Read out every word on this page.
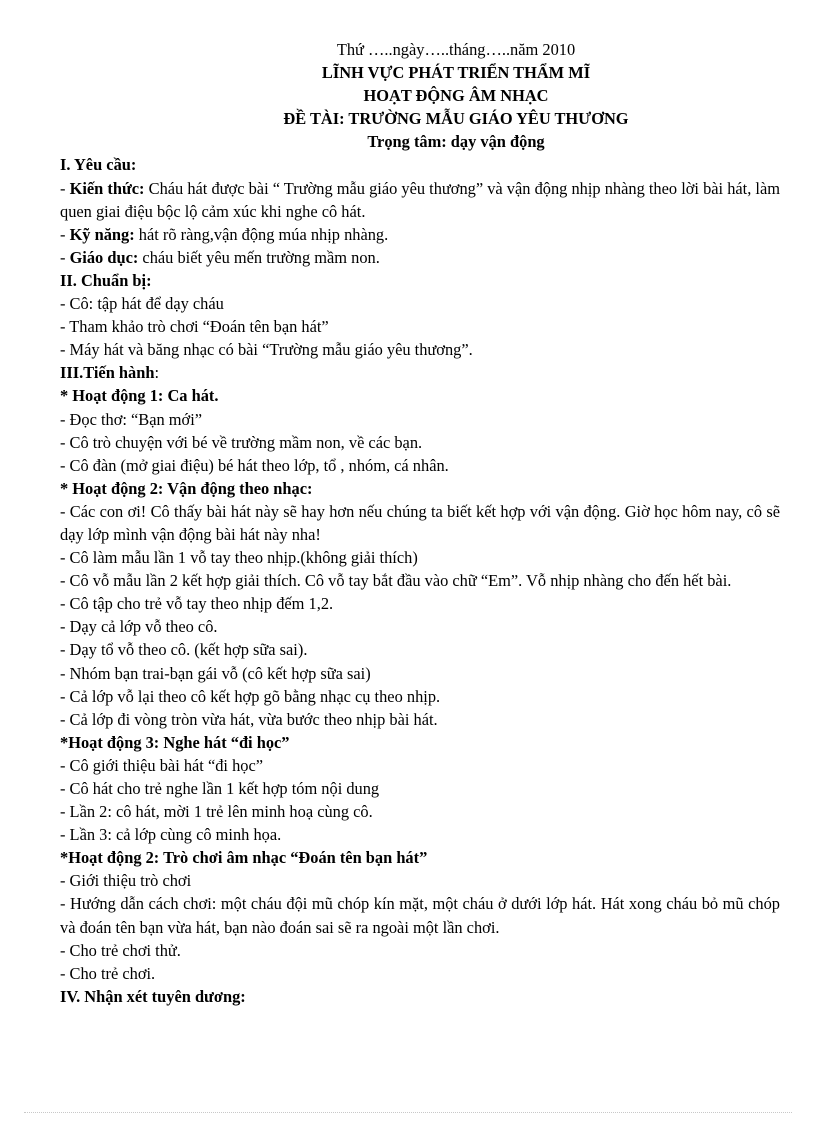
Thứ …..ngày…..tháng…..năm 2010
LĨNH VỰC PHÁT TRIỂN THẨM MĨ
HOẠT ĐỘNG ÂM NHẠC
ĐỀ TÀI: TRƯỜNG MẪU GIÁO YÊU THƯƠNG
Trọng tâm: dạy vận động
I. Yêu cầu:
- Kiến thức: Cháu hát được bài “ Trường mẫu giáo yêu thương” và vận động nhịp nhàng theo lời bài hát, làm quen giai điệu bộc lộ cảm xúc khi nghe cô hát.
- Kỹ năng: hát rõ ràng,vận động múa nhịp nhàng.
- Giáo dục: cháu biết yêu mến trường mầm non.
II. Chuẩn bị:
- Cô: tập hát để dạy cháu
- Tham khảo trò chơi “Đoán tên bạn hát”
- Máy hát và băng nhạc có bài “Trường mẫu giáo yêu thương”.
III.Tiến hành:
* Hoạt động 1: Ca hát.
- Đọc thơ: “Bạn mới”
- Cô trò chuyện với bé về trường mầm non, về các bạn.
- Cô đàn (mở giai điệu) bé hát theo lớp, tổ , nhóm, cá nhân.
* Hoạt động 2: Vận động theo nhạc:
- Các con ơi! Cô thấy bài hát này sẽ hay hơn nếu chúng ta biết kết hợp với vận động. Giờ học hôm nay, cô sẽ dạy lớp mình vận động bài hát này nha!
- Cô làm mẫu lần 1 vỗ tay theo nhịp.(không giải thích)
- Cô vỗ mẫu lần 2 kết hợp giải thích. Cô vỗ tay bắt đầu vào chữ “Em”. Vỗ nhịp nhàng cho đến hết bài.
- Cô tập cho trẻ vỗ tay theo nhịp đếm 1,2.
- Dạy cả lớp vỗ theo cô.
- Dạy tổ vỗ theo cô. (kết hợp sữa sai).
- Nhóm bạn trai-bạn gái vỗ (cô kết hợp sữa sai)
- Cả lớp vỗ lại theo cô kết hợp gõ bằng nhạc cụ theo nhịp.
- Cả lớp đi vòng tròn vừa hát, vừa bước theo nhịp bài hát.
*Hoạt động 3: Nghe hát “đi học”
- Cô giới thiệu bài hát “đi học”
- Cô hát cho trẻ nghe lần 1 kết hợp tóm nội dung
- Lần 2: cô hát, mời 1 trẻ lên minh hoạ cùng cô.
- Lần 3: cả lớp cùng cô minh họa.
*Hoạt động 2: Trò chơi âm nhạc “Đoán tên bạn hát”
- Giới thiệu trò chơi
- Hướng dẫn cách chơi: một cháu đội mũ chóp kín mặt, một cháu ở dưới lớp hát. Hát xong cháu bỏ mũ chóp và đoán tên bạn vừa hát, bạn nào đoán sai sẽ ra ngoài một lần chơi.
- Cho trẻ chơi thử.
- Cho trẻ chơi.
IV. Nhận xét tuyên dương:
